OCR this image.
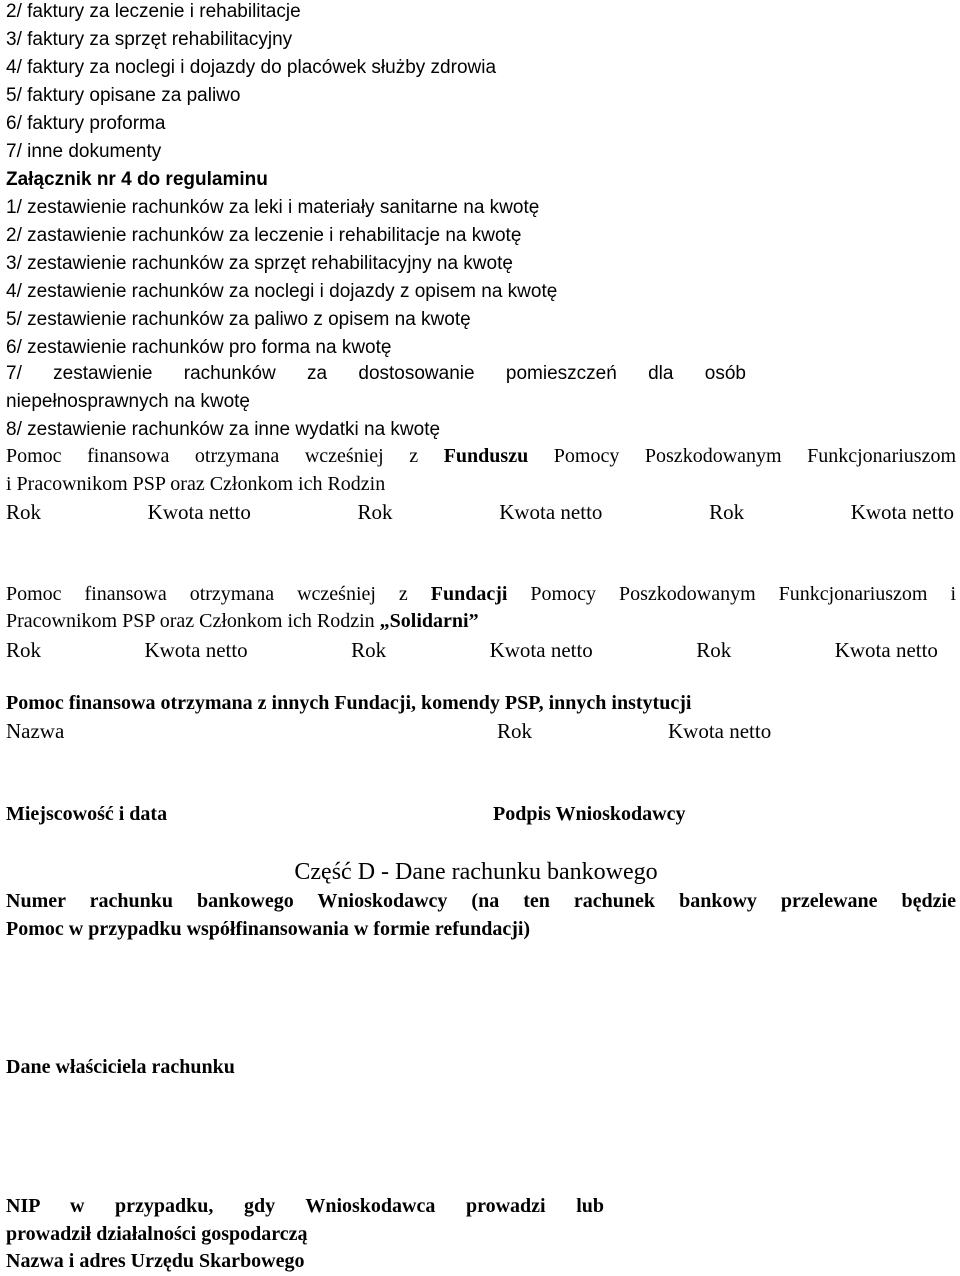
2/ faktury za leczenie i rehabilitacje
3/ faktury za sprzęt rehabilitacyjny
4/ faktury za noclegi i dojazdy do placówek służby zdrowia
5/ faktury opisane za paliwo
6/ faktury proforma
7/ inne dokumenty
Załącznik nr 4 do regulaminu
1/ zestawienie rachunków za leki i materiały sanitarne na kwotę
2/ zastawienie rachunków za leczenie i rehabilitacje na kwotę
3/ zestawienie rachunków za sprzęt rehabilitacyjny na kwotę
4/ zestawienie rachunków za noclegi i dojazdy z opisem na kwotę
5/ zestawienie rachunków za paliwo z opisem na kwotę
6/ zestawienie rachunków pro forma na kwotę
7/ zestawienie rachunków za dostosowanie pomieszczeń dla osób
niepełnosprawnych na kwotę
8/ zestawienie rachunków za inne wydatki na kwotę
Pomoc finansowa otrzymana wcześniej z Funduszu Pomocy Poszkodowanym Funkcjonariuszom
i Pracownikom PSP oraz Członkom ich Rodzin
Rok	Kwota netto	Rok	Kwota netto	Rok	Kwota netto
Pomoc finansowa otrzymana wcześniej z Fundacji Pomocy Poszkodowanym Funkcjonariuszom i
Pracownikom PSP oraz Członkom ich Rodzin „Solidarni”
Rok	Kwota netto	Rok	Kwota netto	Rok	Kwota netto
Pomoc finansowa otrzymana z innych Fundacji, komendy PSP, innych instytucji
Nazwa	Rok	Kwota netto
Miejscowość i data	Podpis Wnioskodawcy
Część D - Dane rachunku bankowego
Numer rachunku bankowego Wnioskodawcy (na ten rachunek bankowy przelewane będzie
Pomoc w przypadku współfinansowania w formie refundacji)
Dane właściciela rachunku
NIP w przypadku, gdy Wnioskodawca prowadzi lub
prowadził działalności gospodarczą
Nazwa i adres Urzędu Skarbowego
